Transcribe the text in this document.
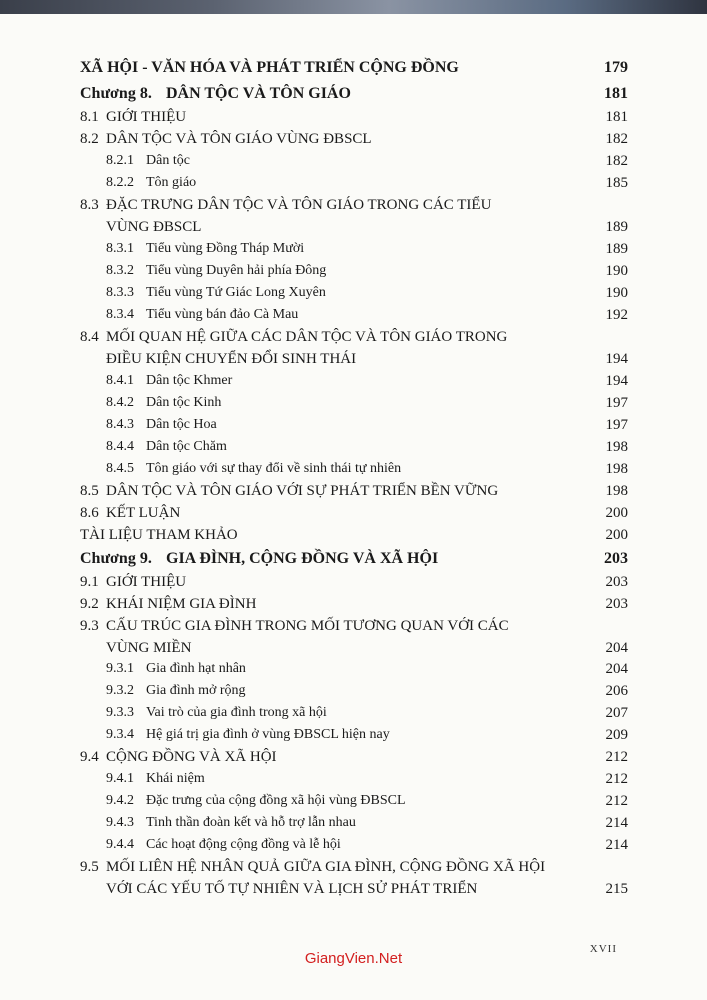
XÃ HỘI - VĂN HÓA VÀ PHÁT TRIỂN CỘNG ĐỒNG	179
Chương 8. DÂN TỘC VÀ TÔN GIÁO	181
8.1 GIỚI THIỆU	181
8.2 DÂN TỘC VÀ TÔN GIÁO VÙNG ĐBSCL	182
8.2.1 Dân tộc	182
8.2.2 Tôn giáo	185
8.3 ĐẶC TRƯNG DÂN TỘC VÀ TÔN GIÁO TRONG CÁC TIỂU
VÙNG ĐBSCL	189
8.3.1 Tiểu vùng Đồng Tháp Mười	189
8.3.2 Tiểu vùng Duyên hải phía Đông	190
8.3.3 Tiểu vùng Tứ Giác Long Xuyên	190
8.3.4 Tiểu vùng bán đảo Cà Mau	192
8.4 MỐI QUAN HỆ GIỮA CÁC DÂN TỘC VÀ TÔN GIÁO TRONG
ĐIỀU KIỆN CHUYỂN ĐỔI SINH THÁI	194
8.4.1 Dân tộc Khmer	194
8.4.2 Dân tộc Kinh	197
8.4.3 Dân tộc Hoa	197
8.4.4 Dân tộc Chăm	198
8.4.5 Tôn giáo với sự thay đổi về sinh thái tự nhiên	198
8.5 DÂN TỘC VÀ TÔN GIÁO VỚI SỰ PHÁT TRIỂN BỀN VỮNG	198
8.6 KẾT LUẬN	200
TÀI LIỆU THAM KHẢO	200
Chương 9. GIA ĐÌNH, CỘNG ĐỒNG VÀ XÃ HỘI	203
9.1 GIỚI THIỆU	203
9.2 KHÁI NIỆM GIA ĐÌNH	203
9.3 CẤU TRÚC GIA ĐÌNH TRONG MỐI TƯƠNG QUAN VỚI CÁC
VÙNG MIỀN	204
9.3.1 Gia đình hạt nhân	204
9.3.2 Gia đình mở rộng	206
9.3.3 Vai trò của gia đình trong xã hội	207
9.3.4 Hệ giá trị gia đình ở vùng ĐBSCL hiện nay	209
9.4 CỘNG ĐỒNG VÀ XÃ HỘI	212
9.4.1 Khái niệm	212
9.4.2 Đặc trưng của cộng đồng xã hội vùng ĐBSCL	212
9.4.3 Tinh thần đoàn kết và hỗ trợ lẫn nhau	214
9.4.4 Các hoạt động cộng đồng và lễ hội	214
9.5 MỐI LIÊN HỆ NHÂN QUẢ GIỮA GIA ĐÌNH, CỘNG ĐỒNG XÃ HỘI
VỚI CÁC YẾU TỐ TỰ NHIÊN VÀ LỊCH SỬ PHÁT TRIỂN	215
XVII
GiangVien.Net
